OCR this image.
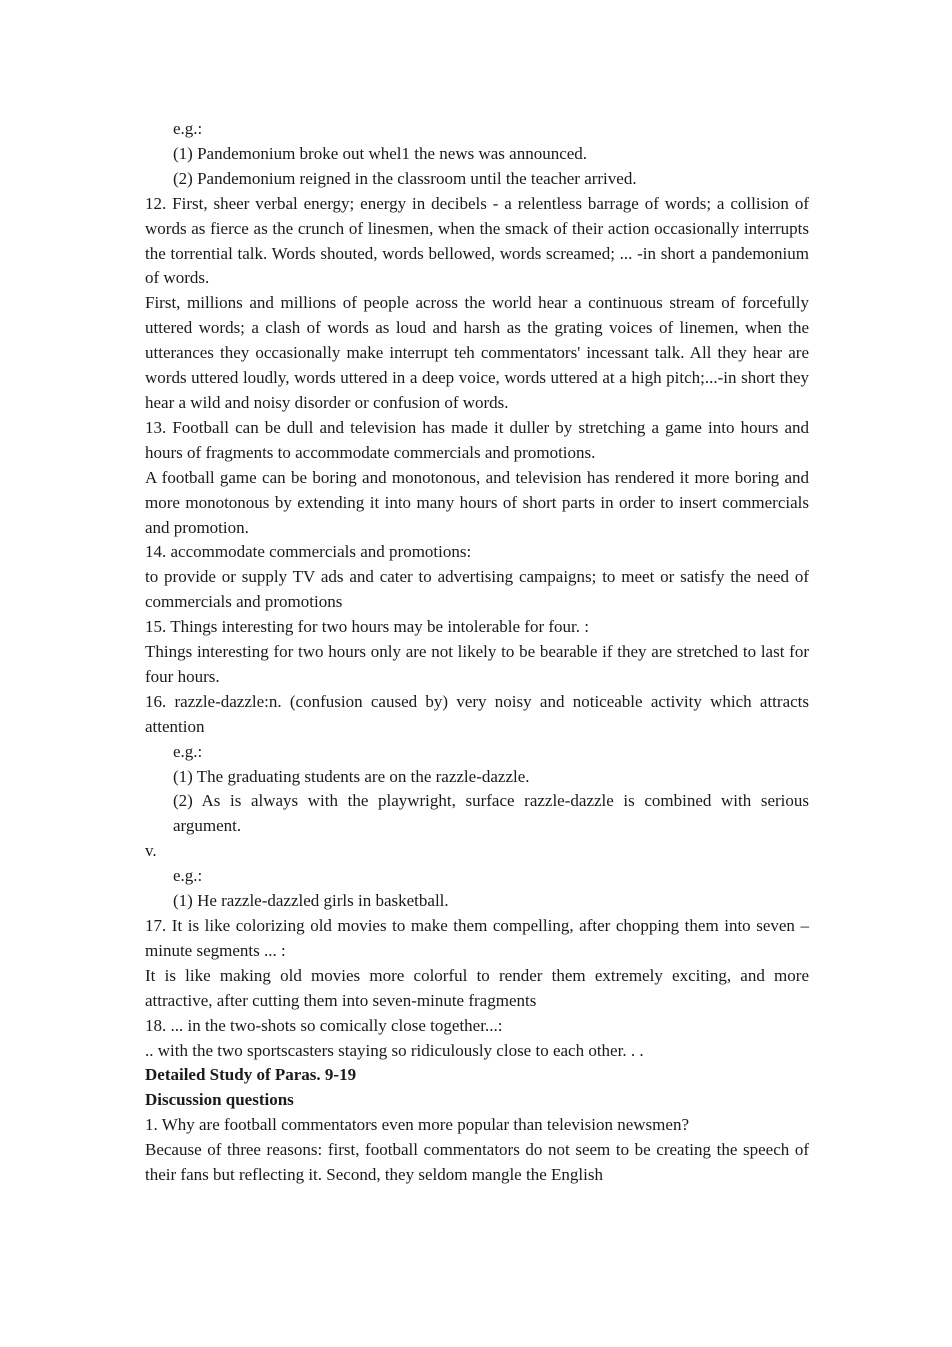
e.g.:
(1) Pandemonium broke out whel1 the news was announced.
(2) Pandemonium reigned in the classroom until the teacher arrived.
12. First, sheer verbal energy; energy in decibels - a relentless barrage of words; a collision of words as fierce as the crunch of linesmen, when the smack of their action occasionally interrupts the torrential talk. Words shouted, words bellowed, words screamed; ... -in short a pandemonium of words.
First, millions and millions of people across the world hear a continuous stream of forcefully uttered words; a clash of words as loud and harsh as the grating voices of linemen, when the utterances they occasionally make interrupt teh commentators' incessant talk. All they hear are words uttered loudly, words uttered in a deep voice, words uttered at a high pitch;...-in short they hear a wild and noisy disorder or confusion of words.
13. Football can be dull and television has made it duller by stretching a game into hours and hours of fragments to accommodate commercials and promotions.
A football game can be boring and monotonous, and television has rendered it more boring and more monotonous by extending it into many hours of short parts in order to insert commercials and promotion.
14. accommodate commercials and promotions:
to provide or supply TV ads and cater to advertising campaigns; to meet or satisfy the need of commercials and promotions
15. Things interesting for two hours may be intolerable for four. :
Things interesting for two hours only are not likely to be bearable if they are stretched to last for four hours.
16. razzle-dazzle:n. (confusion caused by) very noisy and noticeable activity which attracts attention
e.g.:
(1) The graduating students are on the razzle-dazzle.
(2) As is always with the playwright, surface razzle-dazzle is combined with serious argument.
v.
e.g.:
(1) He razzle-dazzled girls in basketball.
17. It is like colorizing old movies to make them compelling, after chopping them into seven –minute segments ... :
It is like making old movies more colorful to render them extremely exciting, and more attractive, after cutting them into seven-minute fragments
18. ... in the two-shots so comically close together...:
.. with the two sportscasters staying so ridiculously close to each other. . .
Detailed Study of Paras. 9-19
Discussion questions
1. Why are football commentators even more popular than television newsmen?
Because of three reasons: first, football commentators do not seem to be creating the speech of their fans but reflecting it. Second, they seldom mangle the English
